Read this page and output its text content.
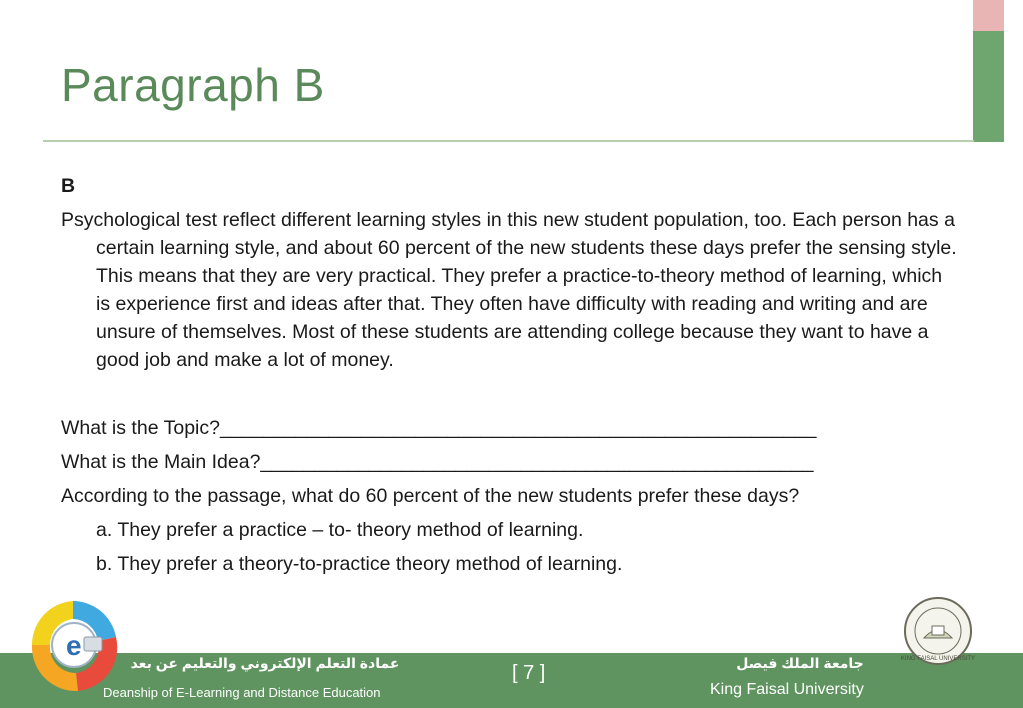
Paragraph B
B
Psychological test reflect different learning styles in this new student population, too. Each person has a certain learning style, and about 60 percent of the new students these days prefer the sensing style. This means that they are very practical. They prefer a practice-to-theory method of learning, which is experience first and ideas after that. They often have difficulty with reading and writing and are unsure of themselves. Most of these students are attending college because they want to have a good job and make a lot of money.
What is the Topic?_______________________________________________________
What is the Main Idea?___________________________________________________
According to the passage, what do 60 percent of the new students prefer these days?
a. They prefer a practice – to- theory method of learning.
b. They prefer a theory-to-practice theory method of learning.
عمادة التعلم الإلكتروني والتعليم عن بعد
Deanship of E-Learning and Distance Education
[ 7 ]	جامعة الملك فيصل
King Faisal University
e	KING FAISAL UNIVERSITY
